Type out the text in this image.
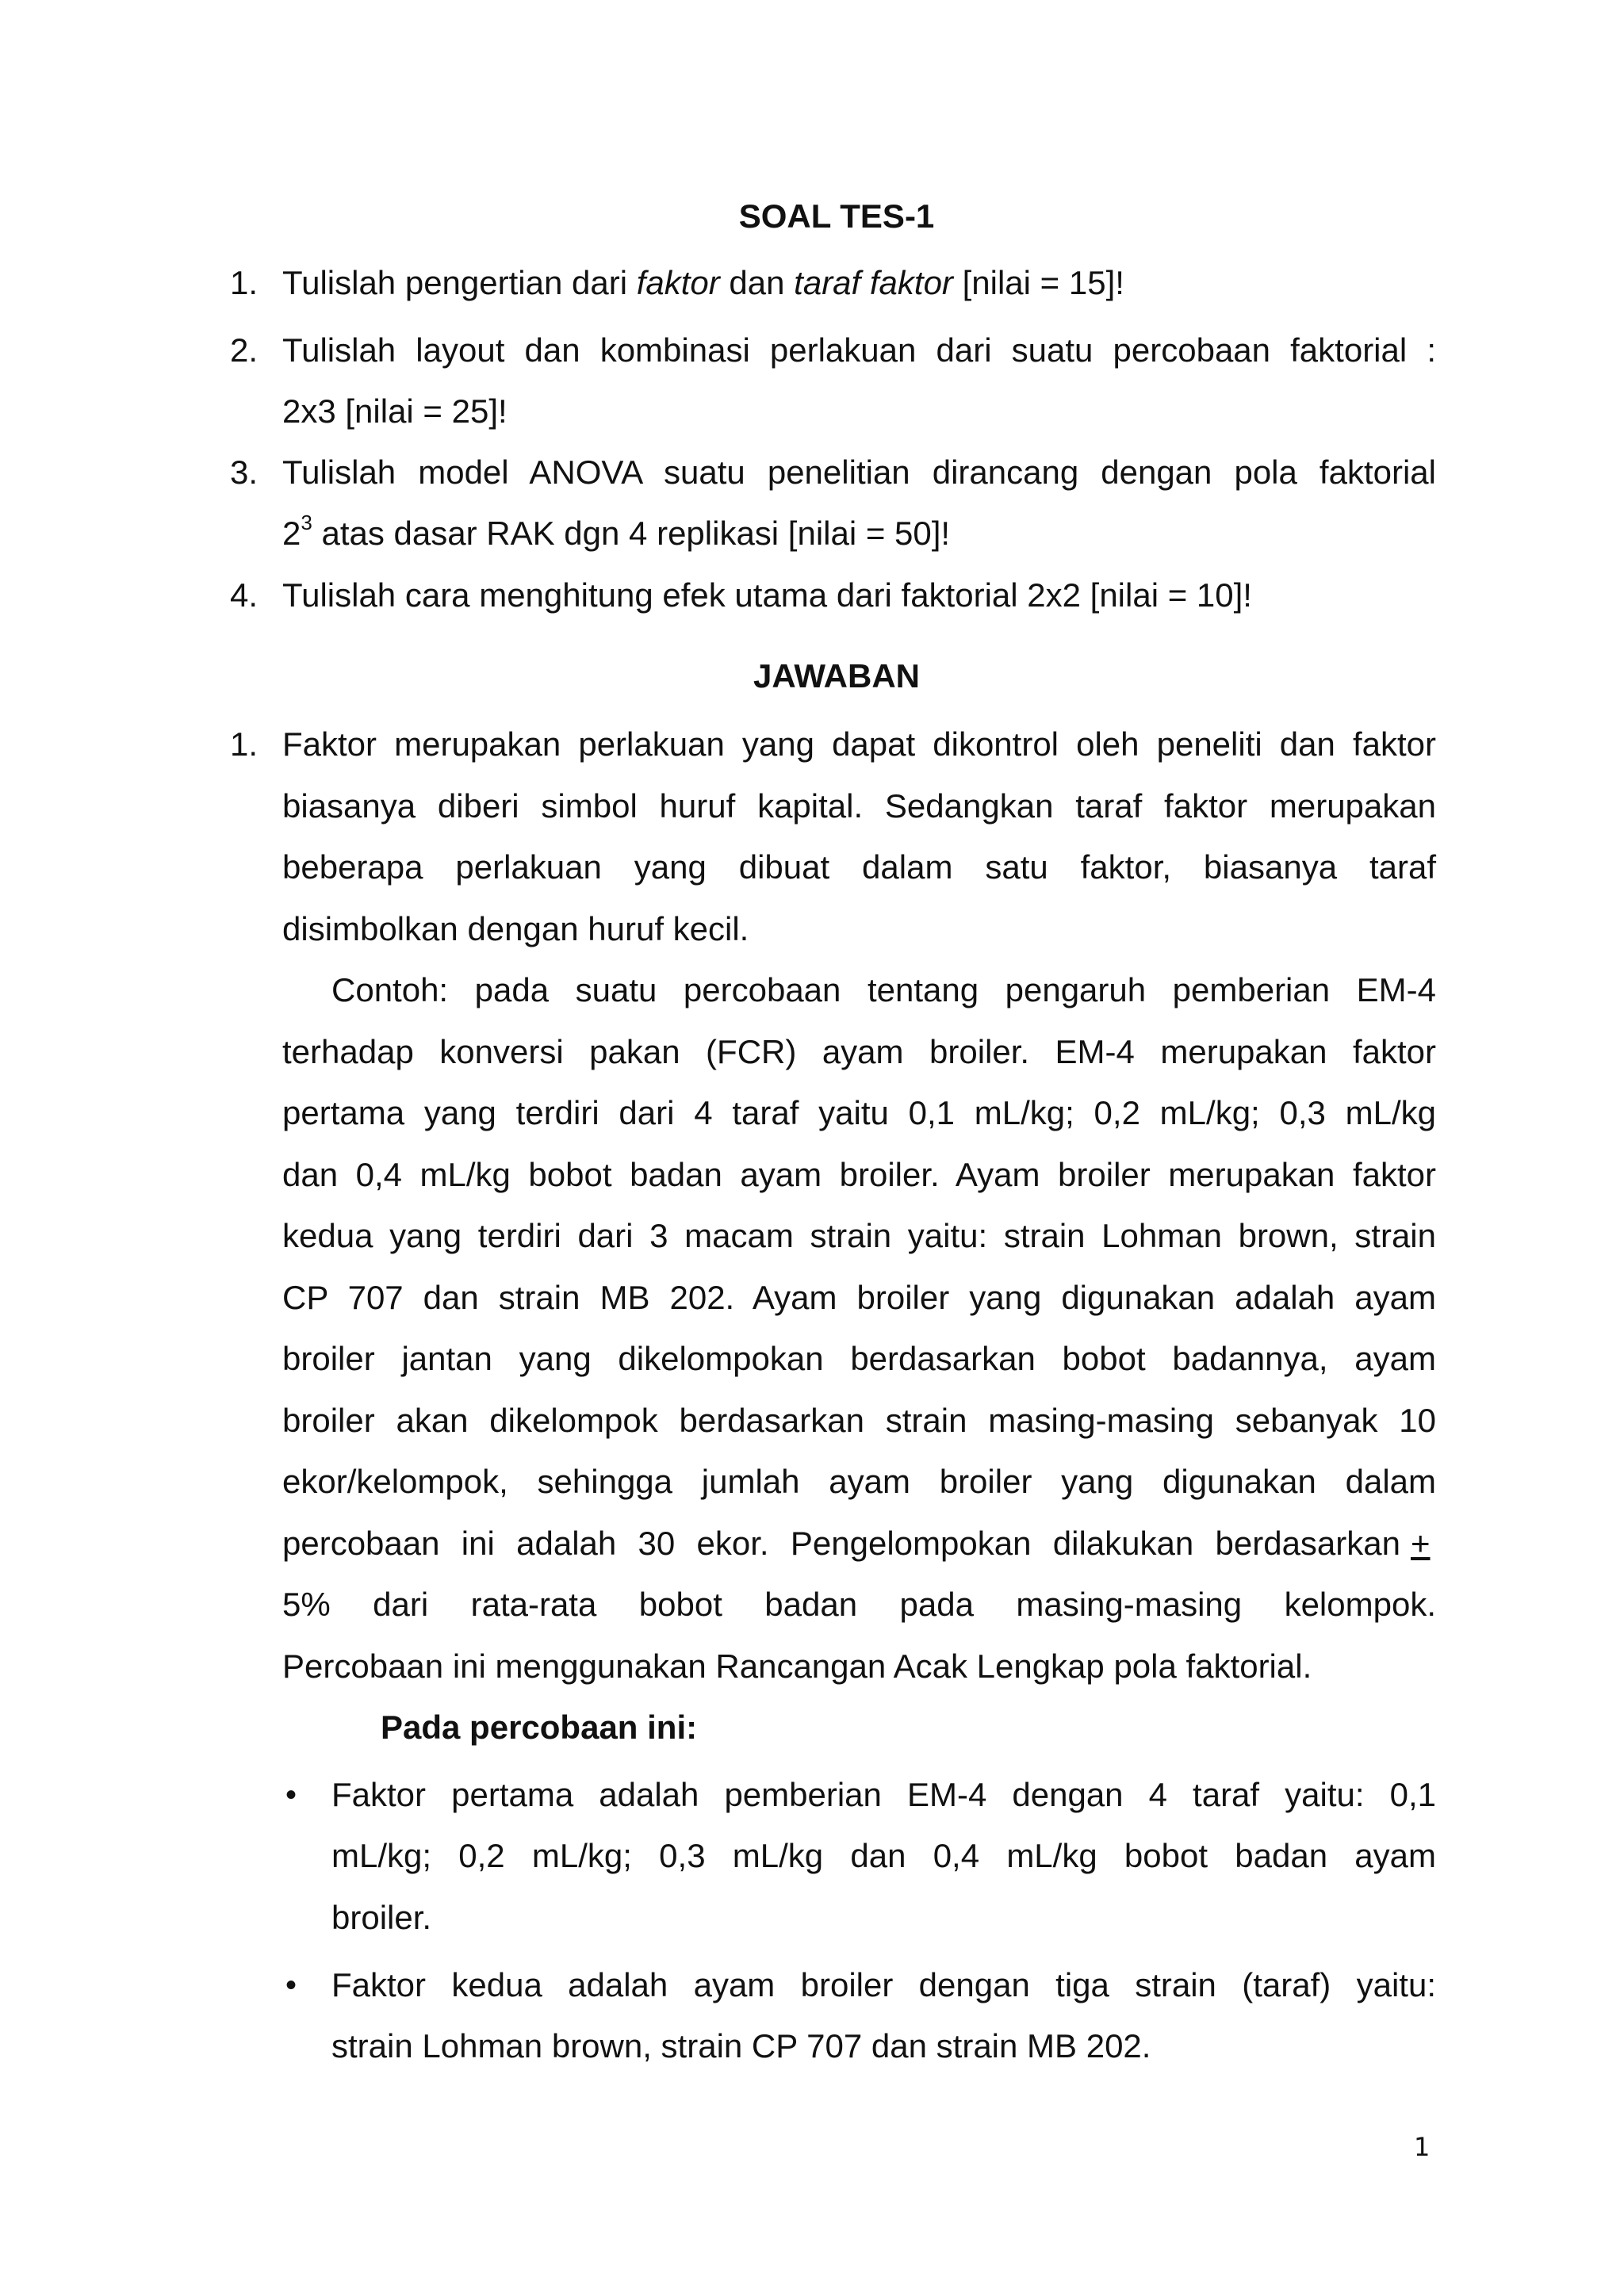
SOAL TES-1
1. Tulislah pengertian dari faktor dan taraf faktor [nilai = 15]!
2. Tulislah layout dan kombinasi perlakuan dari suatu percobaan faktorial :
2x3 [nilai = 25]!
3. Tulislah model ANOVA suatu penelitian dirancang dengan pola faktorial
$2^3$ atas dasar RAK dgn 4 replikasi [nilai = 50]!
4. Tulislah cara menghitung efek utama dari faktorial 2x2 [nilai = 10]!
JAWABAN
1. Faktor merupakan perlakuan yang dapat dikontrol oleh peneliti dan faktor
biasanya diberi simbol huruf kapital. Sedangkan taraf faktor merupakan
beberapa perlakuan yang dibuat dalam satu faktor, biasanya taraf
disimbolkan dengan huruf kecil.
Contoh: pada suatu percobaan tentang pengaruh pemberian EM-4
terhadap konversi pakan (FCR) ayam broiler. EM-4 merupakan faktor
pertama yang terdiri dari 4 taraf yaitu 0,1 mL/kg; 0,2 mL/kg; 0,3 mL/kg
dan 0,4 mL/kg bobot badan ayam broiler. Ayam broiler merupakan faktor
kedua yang terdiri dari 3 macam strain yaitu: strain Lohman brown, strain
CP 707 dan strain MB 202. Ayam broiler yang digunakan adalah ayam
broiler jantan yang dikelompokan berdasarkan bobot badannya, ayam
broiler akan dikelompok berdasarkan strain masing-masing sebanyak 10
ekor/kelompok, sehingga jumlah ayam broiler yang digunakan dalam
percobaan ini adalah 30 ekor. Pengelompokan dilakukan berdasarkan +
5% dari rata-rata bobot badan pada masing-masing kelompok.
Percobaan ini menggunakan Rancangan Acak Lengkap pola faktorial.
Pada percobaan ini:
• Faktor pertama adalah pemberian EM-4 dengan 4 taraf yaitu: 0,1
mL/kg; 0,2 mL/kg; 0,3 mL/kg dan 0,4 mL/kg bobot badan ayam
broiler.
• Faktor kedua adalah ayam broiler dengan tiga strain (taraf) yaitu:
strain Lohman brown, strain CP 707 dan strain MB 202.
1
